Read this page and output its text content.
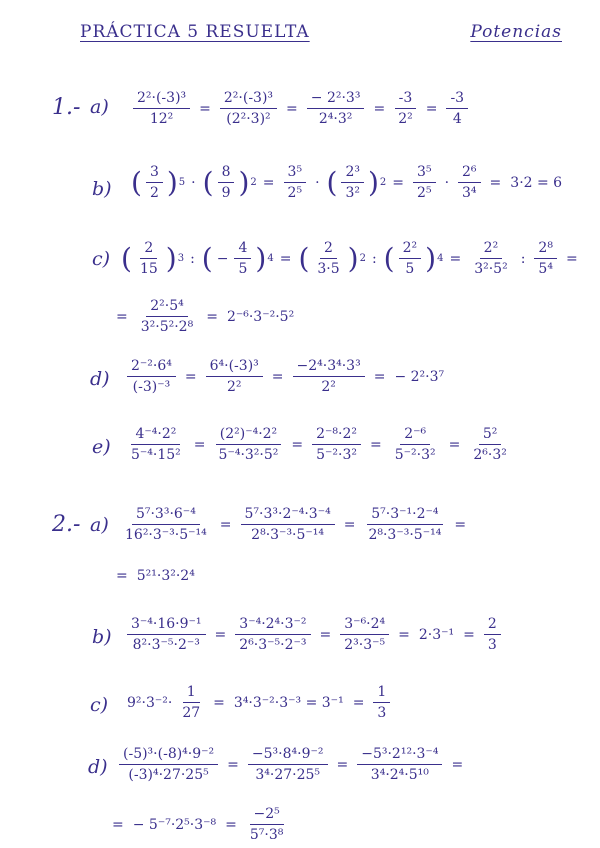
PRÁCTICA 5 RESUELTA	Potencias
1.- $a) \frac{\text{2²·(-3)³}}{\text{12²}} = \frac{\text{2²·(-3)³}}{\text{(2²·3)²}} = \frac{\text{− 2²·3³}}{\text{2⁴·3²}} = \frac{-3}{\text{2²}} = \frac{-3}{4}$
b) ( 3
2 ) 5 · ( 8
9 ) $2 = \frac{\text{3⁵}}{\text{2⁵}}$ · ( 2³
3² ) $2 = \frac{\text{3⁵}}{\text{2⁵}} \cdot \frac{\text{2⁶}}{\text{3⁴}} = 3\cdot 2 = 6$
c) ( 2
15 ) 3 : ( − $\frac{4}{5}$ ) 4 = ( 2
3·5 ) 2 : ( 2²
5 ) $4 = \frac{\text{2²}}{\text{3²·5²}}$ : $\frac{\text{2⁸}}{\text{5⁴}}$ =
= $\frac{\text{2²·5⁴}}{\text{3²·5²·2⁸}} = 2^{-6}\cdot 3^{-2}\cdot 5^2$
$d) \frac{\text{2⁻²·6⁴}}{\text{(-3)⁻³}} = \frac{\text{6⁴·(-3)³}}{\text{2²}} = \frac{\text{−2⁴·3⁴·3³}}{\text{2²}}$ = − 2²·3⁷
$e) \frac{\text{4⁻⁴·2²}}{\text{5⁻⁴·15²}} = \frac{\text{(2²)⁻⁴·2²}}{\text{5⁻⁴·3²·5²}} = \frac{\text{2⁻⁸·2²}}{\text{5⁻²·3²}} = \frac{\text{2⁻⁶}}{\text{5⁻²·3²}} = \frac{\text{5²}}{\text{2⁶·3²}}$
2.- $a) \frac{\text{5⁷·3³·6⁻⁴}}{\text{16²·3⁻³·5⁻¹⁴}} = \frac{\text{5⁷·3³·2⁻⁴·3⁻⁴}}{\text{2⁸·3⁻³·5⁻¹⁴}} = \frac{\text{5⁷·3⁻¹·2⁻⁴}}{\text{2⁸·3⁻³·5⁻¹⁴}}$ =
= 5²¹·3²·2⁴
$b) \frac{\text{3⁻⁴·16·9⁻¹}}{\text{8²·3⁻⁵·2⁻³}} = \frac{\text{3⁻⁴·2⁴·3⁻²}}{\text{2⁶·3⁻⁵·2⁻³}} = \frac{\text{3⁻⁶·2⁴}}{\text{2³·3⁻⁵}} = 2\cdot 3^{-1} = \frac{2}{3}$
c) $9^2\cdot 3^{-2}\cdot \frac{1}{27} = 3^4\cdot 3^{-2}\cdot 3^{-3} = 3^{-1} = \frac{1}{3}$
$d) \frac{\text{(-5)³·(-8)⁴·9⁻²}}{\text{(-3)⁴·27·25⁵}} = \frac{\text{−5³·8⁴·9⁻²}}{\text{3⁴·27·25⁵}} = \frac{\text{−5³·2¹²·3⁻⁴}}{\text{3⁴·2⁴·5¹⁰}}$ =
= − $5^{-7}\cdot 2^5\cdot 3^{-8} = \frac{\text{−2⁵}}{\text{5⁷·3⁸}}$
